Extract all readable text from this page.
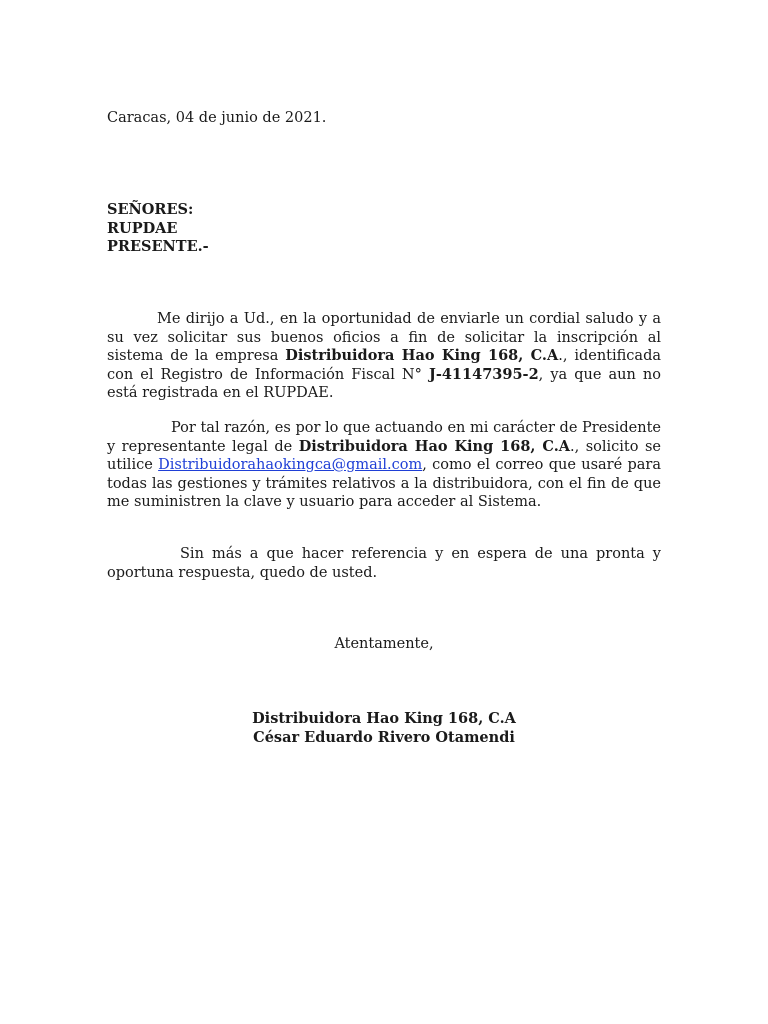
Caracas, 04 de junio de 2021.
SEÑORES:
RUPDAE
PRESENTE.-
Me dirijo a Ud., en la oportunidad de enviarle un cordial saludo y a su vez solicitar sus buenos oficios a fin de solicitar la inscripción al sistema de la empresa Distribuidora Hao King 168, C.A., identificada con el Registro de Información Fiscal N° J-41147395-2, ya que aun no está registrada en el RUPDAE.
Por tal razón, es por lo que actuando en mi carácter de Presidente y representante legal de Distribuidora Hao King 168, C.A., solicito se utilice Distribuidorahaokingca@gmail.com, como el correo que usaré para todas las gestiones y trámites relativos a la distribuidora, con el fin de que me suministren la clave y usuario para acceder al Sistema.
Sin más a que hacer referencia y en espera de una pronta y oportuna respuesta, quedo de usted.
Atentamente,
Distribuidora Hao King 168, C.A
César Eduardo Rivero Otamendi
